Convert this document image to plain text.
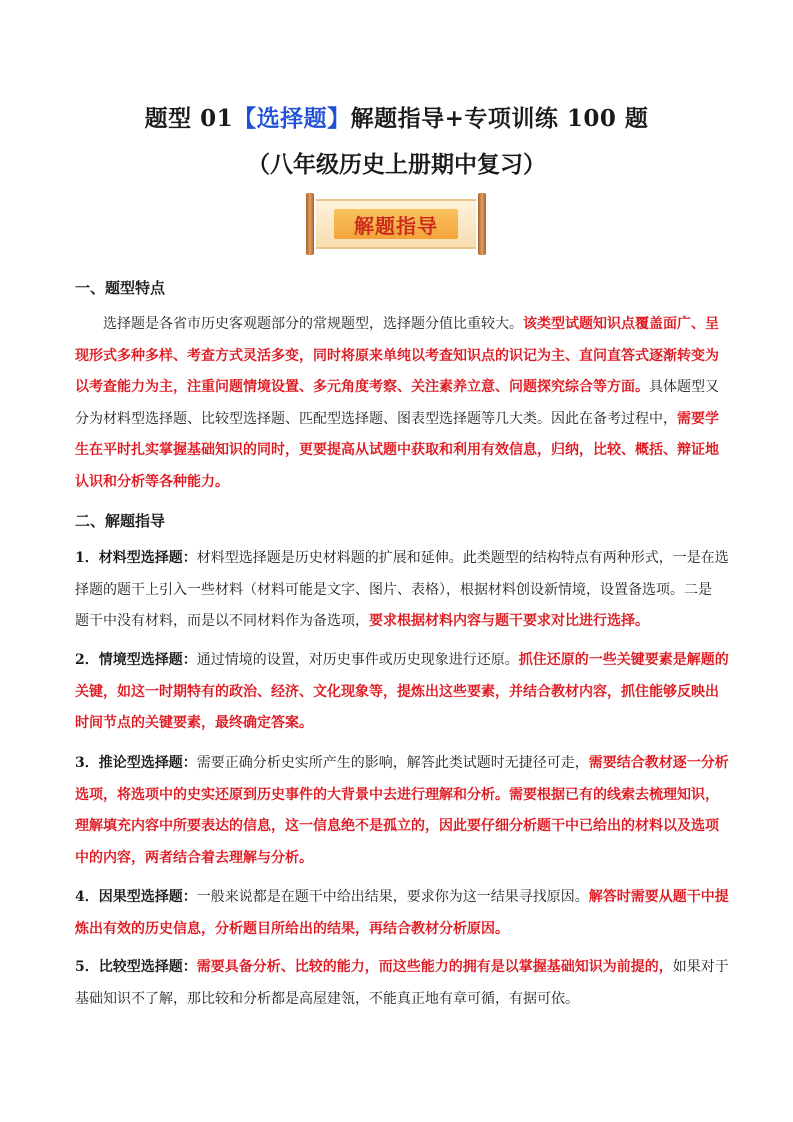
题型 01【选择题】解题指导+专项训练 100 题
（八年级历史上册期中复习）
解题指导
一、题型特点
选择题是各省市历史客观题部分的常规题型，选择题分值比重较大。该类型试题知识点覆盖面广、呈
现形式多种多样、考查方式灵活多变，同时将原来单纯以考查知识点的识记为主、直问直答式逐渐转变为
以考查能力为主，注重问题情境设置、多元角度考察、关注素养立意、问题探究综合等方面。具体题型又
分为材料型选择题、比较型选择题、匹配型选择题、图表型选择题等几大类。因此在备考过程中，需要学
生在平时扎实掌握基础知识的同时，更要提高从试题中获取和利用有效信息，归纳，比较、概括、辩证地
认识和分析等各种能力。
二、解题指导
1．材料型选择题：材料型选择题是历史材料题的扩展和延伸。此类题型的结构特点有两种形式，一是在选
择题的题干上引入一些材料（材料可能是文字、图片、表格），根据材料创设新情境，设置备选项。二是
题干中没有材料，而是以不同材料作为备选项，要求根据材料内容与题干要求对比进行选择。
2．情境型选择题：通过情境的设置，对历史事件或历史现象进行还原。抓住还原的一些关键要素是解题的
关键，如这一时期特有的政治、经济、文化现象等，提炼出这些要素，并结合教材内容，抓住能够反映出
时间节点的关键要素，最终确定答案。
3．推论型选择题：需要正确分析史实所产生的影响，解答此类试题时无捷径可走，需要结合教材逐一分析
选项，将选项中的史实还原到历史事件的大背景中去进行理解和分析。需要根据已有的线索去梳理知识，
理解填充内容中所要表达的信息，这一信息绝不是孤立的，因此要仔细分析题干中已给出的材料以及选项
中的内容，两者结合着去理解与分析。
4．因果型选择题：一般来说都是在题干中给出结果，要求你为这一结果寻找原因。解答时需要从题干中提
炼出有效的历史信息，分析题目所给出的结果，再结合教材分析原因。
5．比较型选择题：需要具备分析、比较的能力，而这些能力的拥有是以掌握基础知识为前提的，如果对于
基础知识不了解，那比较和分析都是高屋建瓴，不能真正地有章可循，有据可依。
